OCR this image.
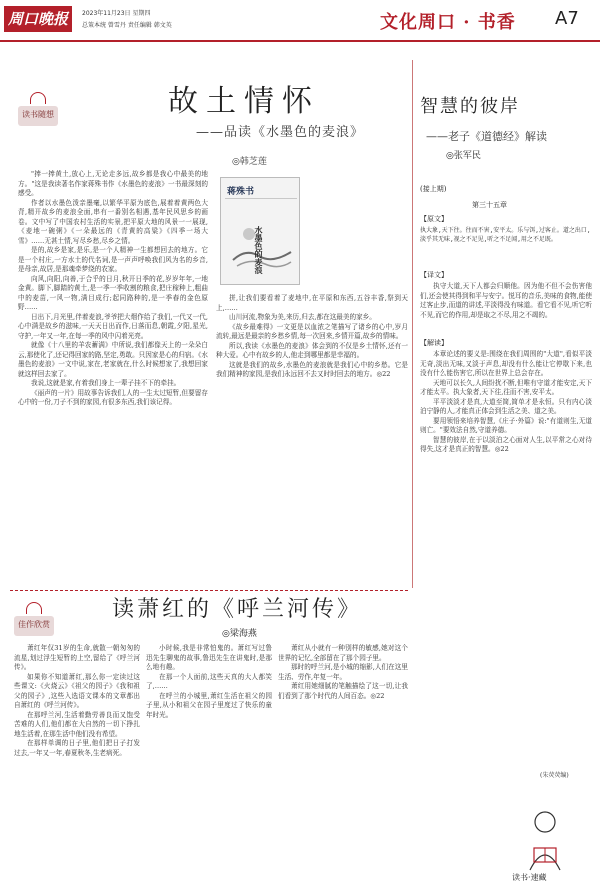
周口晚报	2023年11月23日 星期四
总策本统 曾雪丹 责任编辑 韩文英	文化周口 · 书香 A7
读书随想	故土情怀
——品读《水墨色的麦浪》
◎韩芝莲

"捧一捧黄土,放心上,无论走多远,故乡都是我心中最美的地方。"这是我读著名作家蒋殊书作《水墨色的麦浪》一书最深刻的感受。

作者以水墨色泼亲墨毫,以繁华平原为底色,展着着黄两色大背,精开故乡的麦浪全面,串有一番别名相遇,基年民风思乡的画卷。文中写了中国农村生活的实景,把平原大地的风景一一展现,《麦地一碗粥》《一朵最远的《青黄的高粱》《四季一场大雪》……无甚土情,写尽乡愁,尽乡之情。

是的,故乡是家,是乐,是一个人精神一生都想回去的地方。它是一个村庄,一方水土的代名词,是一声声呼唤我们风为名的乡音,是母亲,故居,是那魂牵梦绕的农家。

向风,向阳,向善,于合乎的日月,秋开日季的花,岁岁年年,一地金黄。脚下,脚踏的黄土,是一季一季收割的粮食,把庄稼种上,粗曲中的麦苗,一风一物,满目成行;起同路种的,是一季春的金色原野……

日出下,月光里,伴着麦浪,爷爷把大烟作给了我们,一代又一代,心中满是故乡的滋味,一天天日出而作,日落而息,朝霞,夕阳,星光,守护,一年又一年,在每一季的风中闪着光亮。

就像《十八里的羊农蓄满》中所说,我们都像天上的一朵朵白云,那使化了,还记得回家的路,坚定,勇敢。只因家是心的归宿。《水墨色的麦浪》一文中说,家在,老家就在,什么时候想家了,我想回家就这样回去家了。

我说,这就是家,有着我们身上一辈子挂不下的牵挂。

《丽声的一片》用故事告诉我们,人的一生太过短暂,但要留存心中的一份,刀子不到的家园,有很多东西,我们该记得。

蒋殊书
水墨色的麦浪

拼,让我们要看着了麦地中,在平原和东西,五谷丰香,祭到天上,……

山川河流,物象为美,来历,归去,都在这最美的家乡。

《故乡最难得》一文更是以血浓之笔描写了诸乡的心中,岁月流转,最远是最亲的乡愁乡情,每一次回来,乡情开篇,故乡的情味。

所以,我读《水墨色的麦浪》体会到的不仅是乡土情怀,还有一种大爱。心中有故乡的人,他走到哪里都是幸福的。

这就是我们的故乡,水墨色的麦浪就是我们心中的乡愁。它是我们精神的家园,是我们永远回不去又时时回去的地方。◎22

智慧的彼岸
——老子《道德经》解读
◎张军民
(接上期)
第三十五章
【原文】
执大象,天下往。往而不害,安平太。乐与饵,过客止。道之出口,淡乎其无味,视之不足见,听之不足闻,用之不足既。
【译文】
执守大道,天下人都会归顺他。因为他不但不会伤害他们,还会使其得到和平与安宁。悦耳的音乐,美味的食物,能使过客止步,而道的讲述,平淡得没有味道。看它看不见,听它听不见,而它的作用,却是取之不尽,用之不竭的。
【解读】

本章论述的要义是:围绕在我们周围的"大道",看似平淡无奇,淡出无味,又淡于声息,却没有什么能让它停歇下来,也没有什么能伤害它,所以在世界上总会存在。

天地可以长久,人间纷扰不断,但唯有守道才能安定,天下才能太平。执大象者,天下往,往而不害,安平太。

平平淡淡才是真,大道至简,简单才是永恒。只有内心淡泊宁静的人,才能真正体会到生活之美、道之美。

要用领悟来培养智慧,《庄子·外篇》说:"有道则生,无道则亡。"要效法自然,守道养德。

智慧的彼岸,在于以淡泊之心面对人生,以平常之心对待得失,这才是真正的智慧。◎22

(朱荧荧编)
佳作欣赏
读萧红的《呼兰河传》
◎梁海燕

萧红年仅31岁的生命,就散一朝匆匆的流星,划过浮生短暂的上空,留给了《呼兰河传》。

如果你不知道萧红,那么你一定读过这些课文:《火烧云》《祖父的园子》《我和祖父的园子》,这些入选语文课本的文章都出自萧红的《呼兰河传》。

在那呼兰河,生活着勤劳善良而又饱受苦难的人们,他们都在大自然的一切下挣扎地生活着,在那生活中他们没有希望。

在那样单调的日子里,他们把日子打发过去,一年又一年,春夏秋冬,生老病死。

小时候,我是非常怕鬼的。萧红写过鲁迅先生聊鬼的故事,鲁迅先生在讲鬼时,是那么地有趣。

在那一个人面前,这些天真的大人都笑了,……

在呼兰的小城里,萧红生活在祖父的园子里,从小和祖父在园子里度过了快乐的童年时光。

萧红从小就有一种别样的敏感,她对这个世界的记忆,全部留在了那个园子里。

那时的呼兰河,是小城的缩影,人们在这里生活、劳作,年复一年。

萧红用她细腻的笔触描绘了这一切,让我们看到了那个时代的人间百态。◎22

读书·速藏
